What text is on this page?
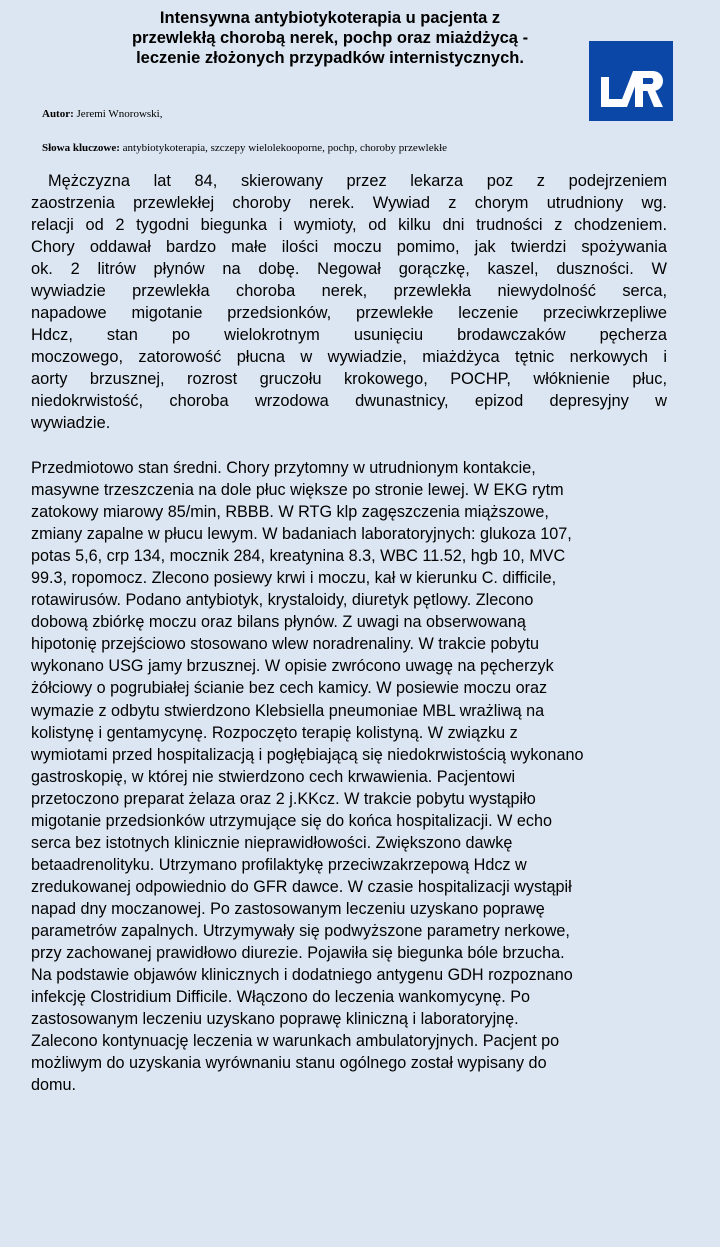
Intensywna antybiotykoterapia u pacjenta z
przewlekłą chorobą nerek, pochp oraz miażdżycą -
leczenie złożonych przypadków internistycznych.
Autor: Jeremi Wnorowski,
Słowa kluczowe: antybiotykoterapia, szczepy wielolekooporne, pochp, choroby przewlekłe
Mężczyzna lat 84, skierowany przez lekarza poz z podejrzeniem
zaostrzenia przewlekłej choroby nerek. Wywiad z chorym utrudniony wg.
relacji od 2 tygodni biegunka i wymioty, od kilku dni trudności z chodzeniem.
Chory oddawał bardzo małe ilości moczu pomimo, jak twierdzi spożywania
ok. 2 litrów płynów na dobę. Negował gorączkę, kaszel, duszności. W
wywiadzie przewlekła choroba nerek, przewlekła niewydolność serca,
napadowe migotanie przedsionków, przewlekłe leczenie przeciwkrzepliwe
Hdcz, stan po wielokrotnym usunięciu brodawczaków pęcherza
moczowego, zatorowość płucna w wywiadzie, miażdżyca tętnic nerkowych i
aorty brzusznej, rozrost gruczołu krokowego, POCHP, włóknienie płuc,
niedokrwistość, choroba wrzodowa dwunastnicy, epizod depresyjny w
wywiadzie.
Przedmiotowo stan średni. Chory przytomny w utrudnionym kontakcie,
masywne trzeszczenia na dole płuc większe po stronie lewej. W EKG rytm
zatokowy miarowy 85/min, RBBB. W RTG klp zagęszczenia miąższowe,
zmiany zapalne w płucu lewym. W badaniach laboratoryjnych: glukoza 107,
potas 5,6, crp 134, mocznik 284, kreatynina 8.3, WBC 11.52, hgb 10, MVC
99.3, ropomocz. Zlecono posiewy krwi i moczu, kał w kierunku C. difficile,
rotawirusów. Podano antybiotyk, krystaloidy, diuretyk pętlowy. Zlecono
dobową zbiórkę moczu oraz bilans płynów. Z uwagi na obserwowaną
hipotonię przejściowo stosowano wlew noradrenaliny. W trakcie pobytu
wykonano USG jamy brzusznej. W opisie zwrócono uwagę na pęcherzyk
żółciowy o pogrubiałej ścianie bez cech kamicy. W posiewie moczu oraz
wymazie z odbytu stwierdzono Klebsiella pneumoniae MBL wrażliwą na
kolistynę i gentamycynę. Rozpoczęto terapię kolistyną. W związku z
wymiotami przed hospitalizacją i pogłębiającą się niedokrwistością wykonano
gastroskopię, w której nie stwierdzono cech krwawienia. Pacjentowi
przetoczono preparat żelaza oraz 2 j.KKcz. W trakcie pobytu wystąpiło
migotanie przedsionków utrzymujące się do końca hospitalizacji. W echo
serca bez istotnych klinicznie nieprawidłowości. Zwiększono dawkę
betaadrenolityku. Utrzymano profilaktykę przeciwzakrzepową Hdcz w
zredukowanej odpowiednio do GFR dawce. W czasie hospitalizacji wystąpił
napad dny moczanowej. Po zastosowanym leczeniu uzyskano poprawę
parametrów zapalnych. Utrzymywały się podwyższone parametry nerkowe,
przy zachowanej prawidłowo diurezie. Pojawiła się biegunka bóle brzucha.
Na podstawie objawów klinicznych i dodatniego antygenu GDH rozpoznano
infekcję Clostridium Difficile. Włączono do leczenia wankomycynę. Po
zastosowanym leczeniu uzyskano poprawę kliniczną i laboratoryjnę.
Zalecono kontynuację leczenia w warunkach ambulatoryjnych. Pacjent po
możliwym do uzyskania wyrównaniu stanu ogólnego został wypisany do
domu.
